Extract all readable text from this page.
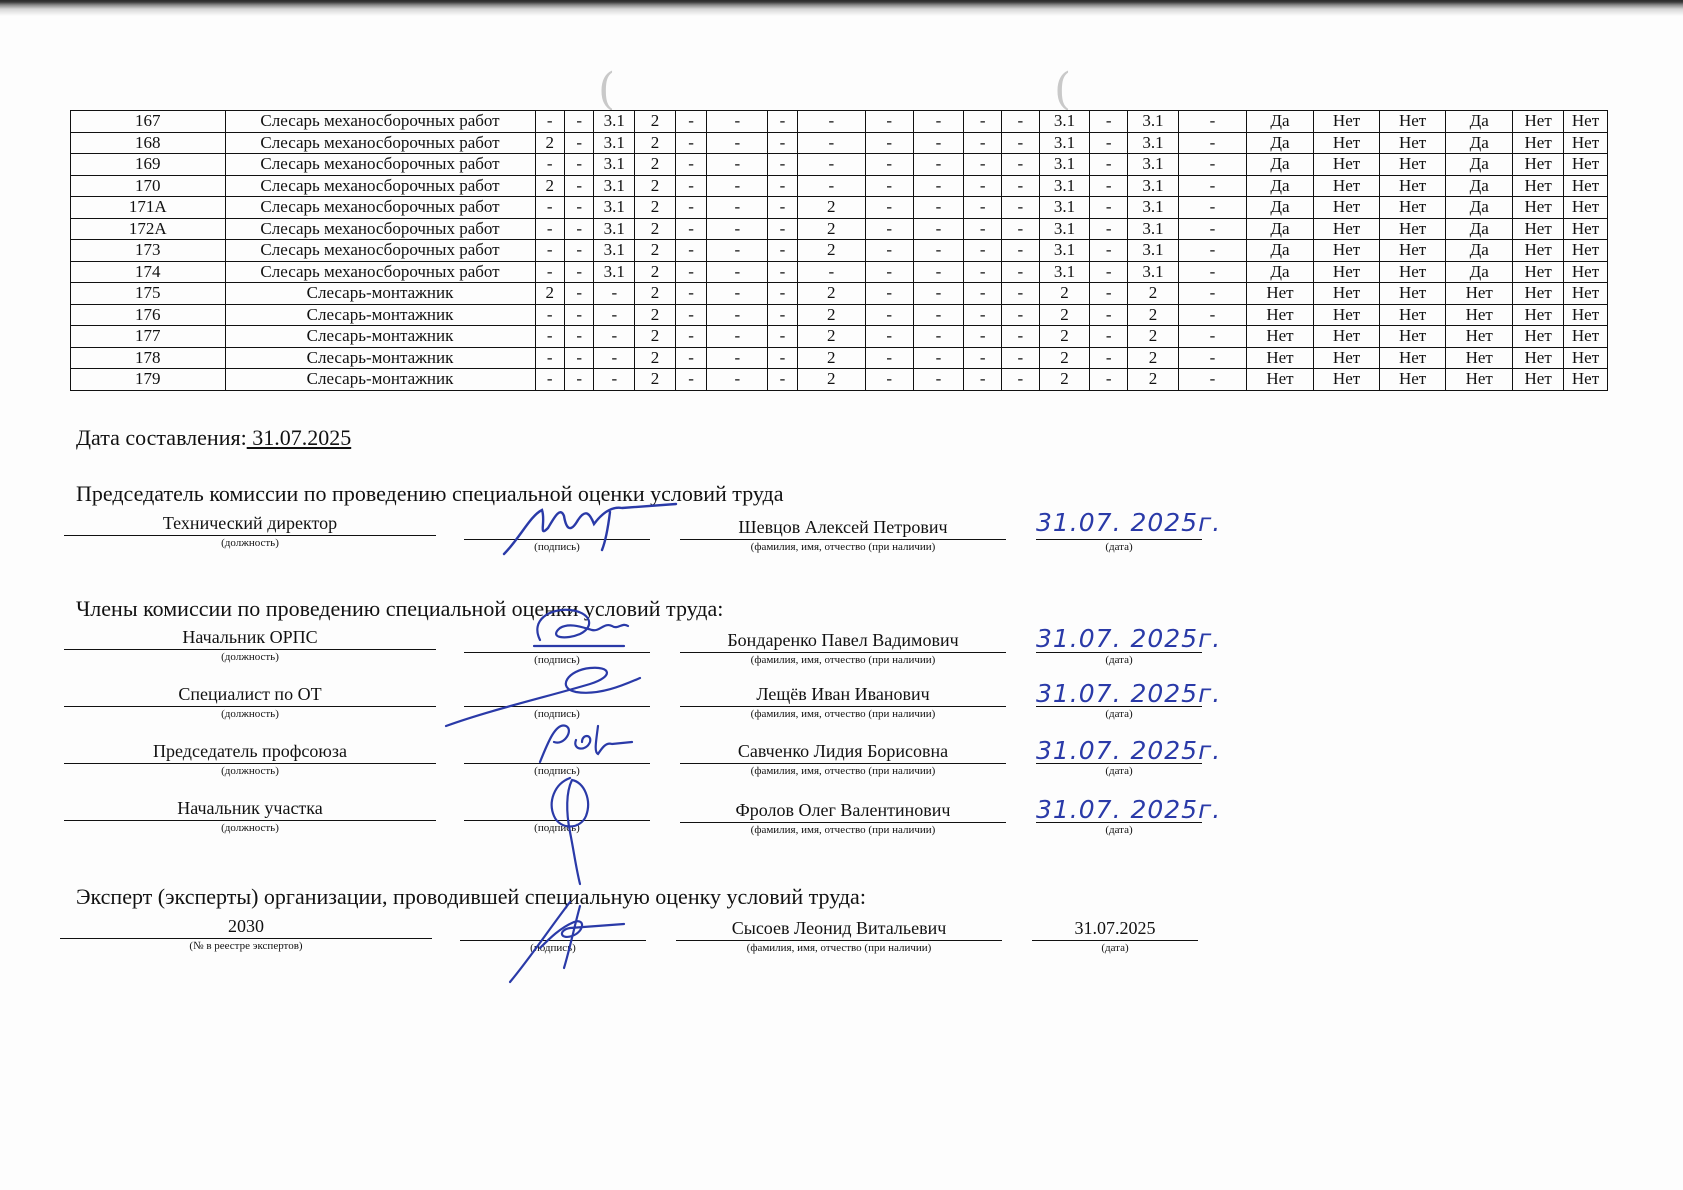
(	(
167	Слесарь механосборочных работ	-	-	3.1	2	-	-	-	-	-	-	-	-	3.1	-	3.1	-	Да	Нет	Нет	Да	Нет	Нет
168	Слесарь механосборочных работ	2	-	3.1	2	-	-	-	-	-	-	-	-	3.1	-	3.1	-	Да	Нет	Нет	Да	Нет	Нет
169	Слесарь механосборочных работ	-	-	3.1	2	-	-	-	-	-	-	-	-	3.1	-	3.1	-	Да	Нет	Нет	Да	Нет	Нет
170	Слесарь механосборочных работ	2	-	3.1	2	-	-	-	-	-	-	-	-	3.1	-	3.1	-	Да	Нет	Нет	Да	Нет	Нет
171А	Слесарь механосборочных работ	-	-	3.1	2	-	-	-	2	-	-	-	-	3.1	-	3.1	-	Да	Нет	Нет	Да	Нет	Нет
172А	Слесарь механосборочных работ	-	-	3.1	2	-	-	-	2	-	-	-	-	3.1	-	3.1	-	Да	Нет	Нет	Да	Нет	Нет
173	Слесарь механосборочных работ	-	-	3.1	2	-	-	-	2	-	-	-	-	3.1	-	3.1	-	Да	Нет	Нет	Да	Нет	Нет
174	Слесарь механосборочных работ	-	-	3.1	2	-	-	-	-	-	-	-	-	3.1	-	3.1	-	Да	Нет	Нет	Да	Нет	Нет
175	Слесарь-монтажник	2	-	-	2	-	-	-	2	-	-	-	-	2	-	2	-	Нет	Нет	Нет	Нет	Нет	Нет
176	Слесарь-монтажник	-	-	-	2	-	-	-	2	-	-	-	-	2	-	2	-	Нет	Нет	Нет	Нет	Нет	Нет
177	Слесарь-монтажник	-	-	-	2	-	-	-	2	-	-	-	-	2	-	2	-	Нет	Нет	Нет	Нет	Нет	Нет
178	Слесарь-монтажник	-	-	-	2	-	-	-	2	-	-	-	-	2	-	2	-	Нет	Нет	Нет	Нет	Нет	Нет
179	Слесарь-монтажник	-	-	-	2	-	-	-	2	-	-	-	-	2	-	2	-	Нет	Нет	Нет	Нет	Нет	Нет
Дата составления: 31.07.2025
Председатель комиссии по проведению специальной оценки условий труда
Технический директор
(должность)	(подпись)
Шевцов Алексей Петрович
(фамилия, имя, отчество (при наличии)	(дата)
31.07. 2025г.
Члены комиссии по проведению специальной оценки условий труда:
Начальник ОРПС
(должность)	(подпись)
Бондаренко Павел Вадимович
(фамилия, имя, отчество (при наличии)	(дата)
31.07. 2025г.
Специалист по ОТ
(должность)	(подпись)
Лещёв Иван Иванович
(фамилия, имя, отчество (при наличии)	(дата)
31.07. 2025г.
Председатель профсоюза
(должность)	(подпись)
Савченко Лидия Борисовна
(фамилия, имя, отчество (при наличии)	(дата)
31.07. 2025г.
Начальник участка
(должность)	(подпись)
Фролов Олег Валентинович
(фамилия, имя, отчество (при наличии)	(дата)
31.07. 2025г.
Эксперт (эксперты) организации, проводившей специальную оценку условий труда:
2030
(№ в реестре экспертов)	(подпись)
Сысоев Леонид Витальевич
(фамилия, имя, отчество (при наличии)
31.07.2025
(дата)
